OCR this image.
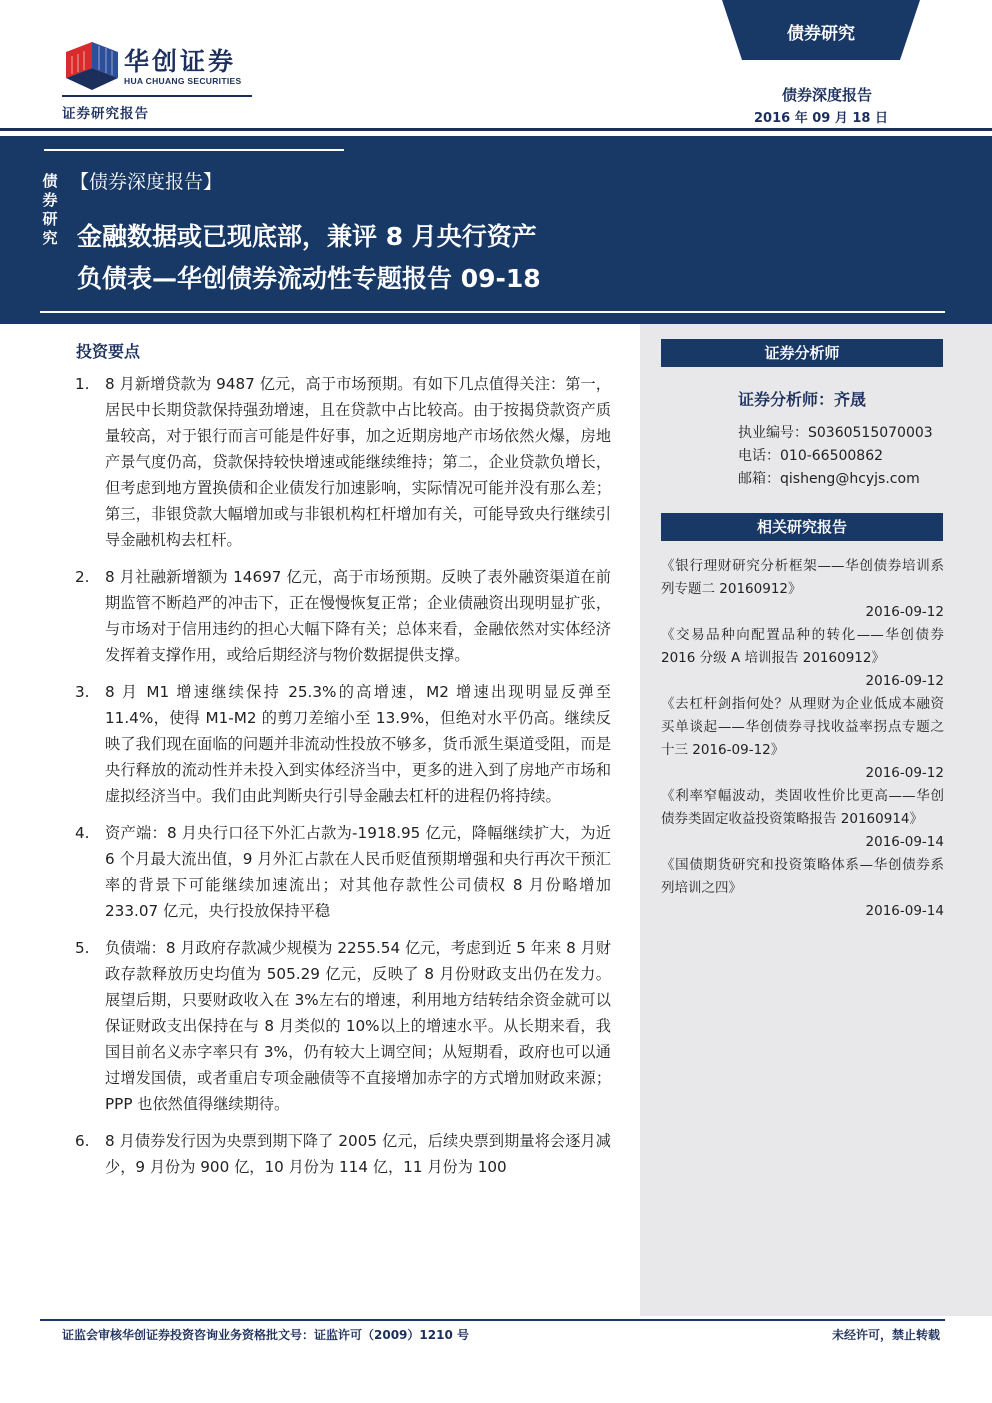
华创证券
HUA CHUANG SECURITIES
证券研究报告
债券研究
债券深度报告
2016 年 09 月 18 日
债券研究
【债券深度报告】
金融数据或已现底部，兼评 8 月央行资产
负债表—华创债券流动性专题报告 09-18
证券分析师
证券分析师：齐晟
执业编号：S0360515070003
电话：010-66500862
邮箱：qisheng@hcyjs.com
相关研究报告
《银行理财研究分析框架——华创债券培训系列专题二 20160912》
2016-09-12
《交易品种向配置品种的转化——华创债券 2016 分级 A 培训报告 20160912》
2016-09-12
《去杠杆剑指何处？从理财为企业低成本融资买单谈起——华创债券寻找收益率拐点专题之十三 2016-09-12》
2016-09-12
《利率窄幅波动，类固收性价比更高——华创债券类固定收益投资策略报告 20160914》
2016-09-14
《国债期货研究和投资策略体系—华创债券系列培训之四》
2016-09-14
投资要点
1. 8 月新增贷款为 9487 亿元，高于市场预期。有如下几点值得关注：第一，居民中长期贷款保持强劲增速，且在贷款中占比较高。由于按揭贷款资产质量较高，对于银行而言可能是件好事，加之近期房地产市场依然火爆，房地产景气度仍高，贷款保持较快增速或能继续维持；第二，企业贷款负增长，但考虑到地方置换债和企业债发行加速影响，实际情况可能并没有那么差；第三，非银贷款大幅增加或与非银机构杠杆增加有关，可能导致央行继续引导金融机构去杠杆。
2. 8 月社融新增额为 14697 亿元，高于市场预期。反映了表外融资渠道在前期监管不断趋严的冲击下，正在慢慢恢复正常；企业债融资出现明显扩张，与市场对于信用违约的担心大幅下降有关；总体来看，金融依然对实体经济发挥着支撑作用，或给后期经济与物价数据提供支撑。
3. 8 月 M1 增速继续保持 25.3%的高增速，M2 增速出现明显反弹至 11.4%，使得 M1-M2 的剪刀差缩小至 13.9%，但绝对水平仍高。继续反映了我们现在面临的问题并非流动性投放不够多，货币派生渠道受阻，而是央行释放的流动性并未投入到实体经济当中，更多的进入到了房地产市场和虚拟经济当中。我们由此判断央行引导金融去杠杆的进程仍将持续。
4. 资产端：8 月央行口径下外汇占款为-1918.95 亿元，降幅继续扩大，为近 6 个月最大流出值，9 月外汇占款在人民币贬值预期增强和央行再次干预汇率的背景下可能继续加速流出；对其他存款性公司债权 8 月份略增加 233.07 亿元，央行投放保持平稳
5. 负债端：8 月政府存款减少规模为 2255.54 亿元，考虑到近 5 年来 8 月财政存款释放历史均值为 505.29 亿元，反映了 8 月份财政支出仍在发力。展望后期，只要财政收入在 3%左右的增速，利用地方结转结余资金就可以保证财政支出保持在与 8 月类似的 10%以上的增速水平。从长期来看，我国目前名义赤字率只有 3%，仍有较大上调空间；从短期看，政府也可以通过增发国债，或者重启专项金融债等不直接增加赤字的方式增加财政来源；PPP 也依然值得继续期待。
6. 8 月债券发行因为央票到期下降了 2005 亿元，后续央票到期量将会逐月减少，9 月份为 900 亿，10 月份为 114 亿，11 月份为 100
证监会审核华创证券投资咨询业务资格批文号：证监许可（2009）1210 号	未经许可，禁止转载
